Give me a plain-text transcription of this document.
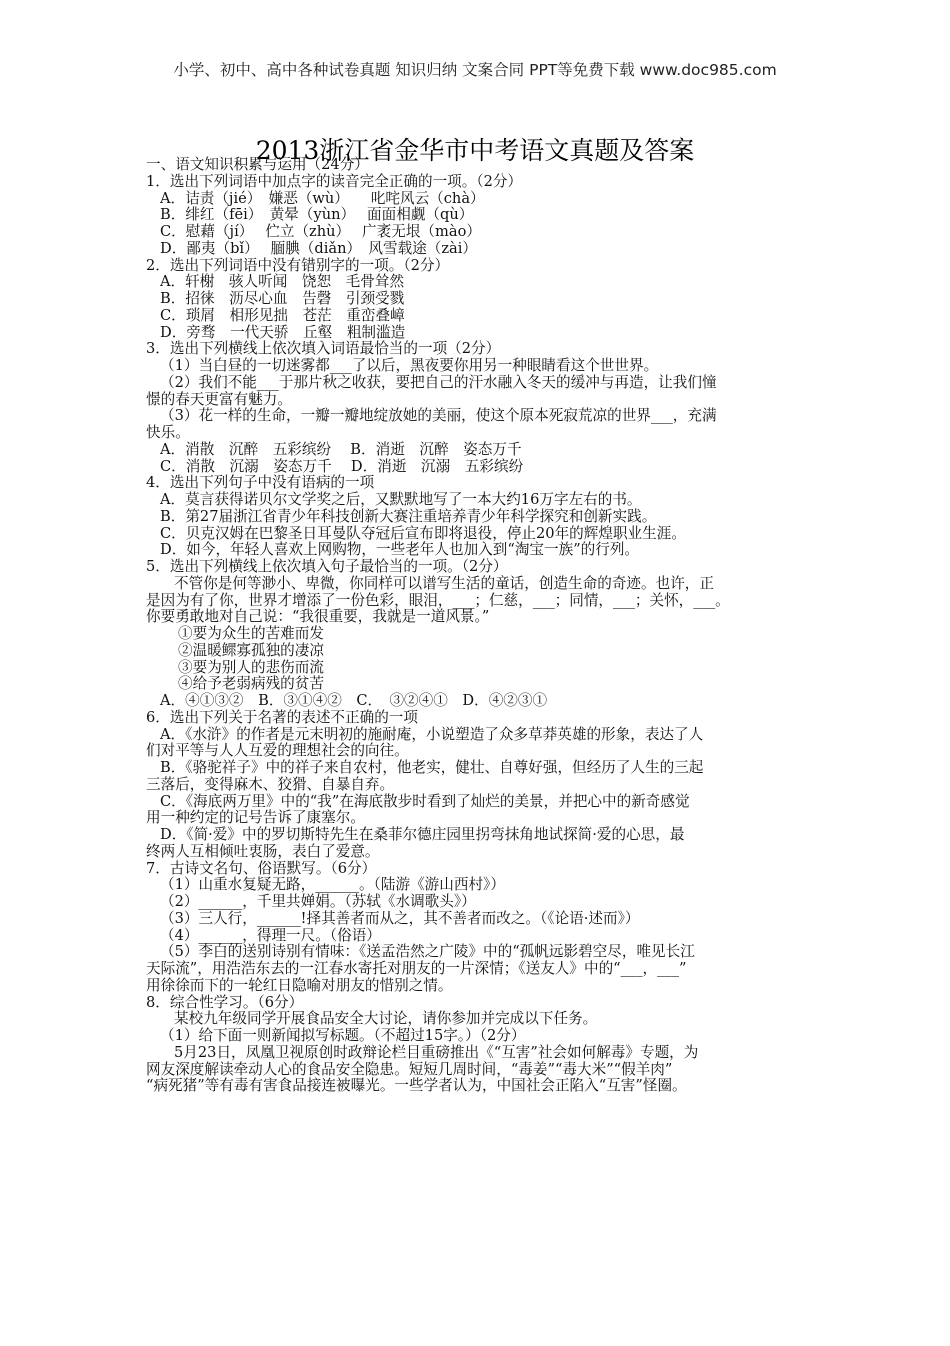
小学、初中、高中各种试卷真题 知识归纳 文案合同 PPT等免费下载 www.doc985.com
2013浙江省金华市中考语文真题及答案
一、语文知识积累与运用（24分）
1．选出下列词语中加点字的读音完全正确的一项。（2分）
A．诘责（jié）　嫌恶（wù）　　叱咤风云（chà）
B．绯红（fēi）　黄晕（yùn）　 面面相觑（qù）
C．慰藉（jí）　 伫立（zhù）　 广袤无垠（mào）
D．鄙夷（bǐ）　 腼腆（diǎn）　风雪载途（zài）
2．选出下列词语中没有错别字的一项。（2分）
A．轩榭　骇人听闻　饶恕　毛骨耸然
B．招徕　沥尽心血　告磬　引颈受戮
C．琐屑　相形见拙　苍茫　重峦叠嶂
D．旁骛　一代天骄　丘壑　粗制滥造
3．选出下列横线上依次填入词语最恰当的一项（2分）
（1）当白昼的一切迷雾都___了以后，黑夜要你用另一种眼睛看这个世世界。
（2）我们不能___于那片秋之收获，要把自己的汗水融入冬天的缓冲与再造，让我们憧
憬的春天更富有魅力。
（3）花一样的生命，一瓣一瓣地绽放她的美丽，使这个原本死寂荒凉的世界___，充满
快乐。
A．消散　沉醉　五彩缤纷　 B．消逝　沉醉　姿态万千
C．消散　沉溺　姿态万千　 D．消逝　沉溺　五彩缤纷
4．选出下列句子中没有语病的一项
A．莫言获得诺贝尔文学奖之后，又默默地写了一本大约16万字左右的书。
B．第27届浙江省青少年科技创新大赛注重培养青少年科学探究和创新实践。
C．贝克汉姆在巴黎圣日耳曼队夺冠后宣布即将退役，停止20年的辉煌职业生涯。
D．如今，年轻人喜欢上网购物，一些老年人也加入到“淘宝一族”的行列。
5．选出下列横线上依次填入句子最恰当的一项。（2分）
不管你是何等渺小、卑微，你同样可以谱写生活的童话，创造生命的奇迹。也许，正
是因为有了你，世界才增添了一份色彩，眼泪，___；仁慈，___；同情，___；关怀，___。
你要勇敢地对自己说：“我很重要，我就是一道风景。”
①要为众生的苦难而发
②温暖鳏寡孤独的凄凉
③要为别人的悲伤而流
④给予老弱病残的贫苦
A．④①③②　B．③①④②　C．　③②④①　D．④②③①
6．选出下列关于名著的表述不正确的一项
A．《水浒》的作者是元末明初的施耐庵，小说塑造了众多草莽英雄的形象，表达了人
们对平等与人人互爱的理想社会的向往。
B．《骆驼祥子》中的祥子来自农村，他老实，健壮、自尊好强，但经历了人生的三起
三落后，变得麻木、狡猾、自暴自弃。
C．《海底两万里》中的“我”在海底散步时看到了灿烂的美景，并把心中的新奇感觉
用一种约定的记号告诉了康塞尔。
D．《简·爱》中的罗切斯特先生在桑菲尔德庄园里拐弯抹角地试探简·爱的心思，最
终两人互相倾吐衷肠，表白了爱意。
7．古诗文名句、俗语默写。（6分）
（1）山重水复疑无路，______。（陆游《游山西村》）
（2）______，千里共婵娟。（苏轼《水调歌头》）
（3）三人行，______!择其善者而从之，其不善者而改之。（《论语·述而》）
（4）______，得理一尺。（俗语）
（5）李白的送别诗别有情味：《送孟浩然之广陵》中的“孤帆远影碧空尽，唯见长江
天际流”，用浩浩东去的一江春水寄托对朋友的一片深情；《送友人》中的“___，___”
用徐徐而下的一轮红日隐喻对朋友的惜别之情。
8．综合性学习。（6分）
某校九年级同学开展食品安全大讨论，请你参加并完成以下任务。
（1）给下面一则新闻拟写标题。（不超过15字。）（2分）
5月23日，凤凰卫视原创时政辩论栏目重磅推出《“互害”社会如何解毒》专题，为
网友深度解读牵动人心的食品安全隐患。短短几周时间，“毒姜”“毒大米”“假羊肉”
“病死猪”等有毒有害食品接连被曝光。一些学者认为，中国社会正陷入“互害”怪圈。
